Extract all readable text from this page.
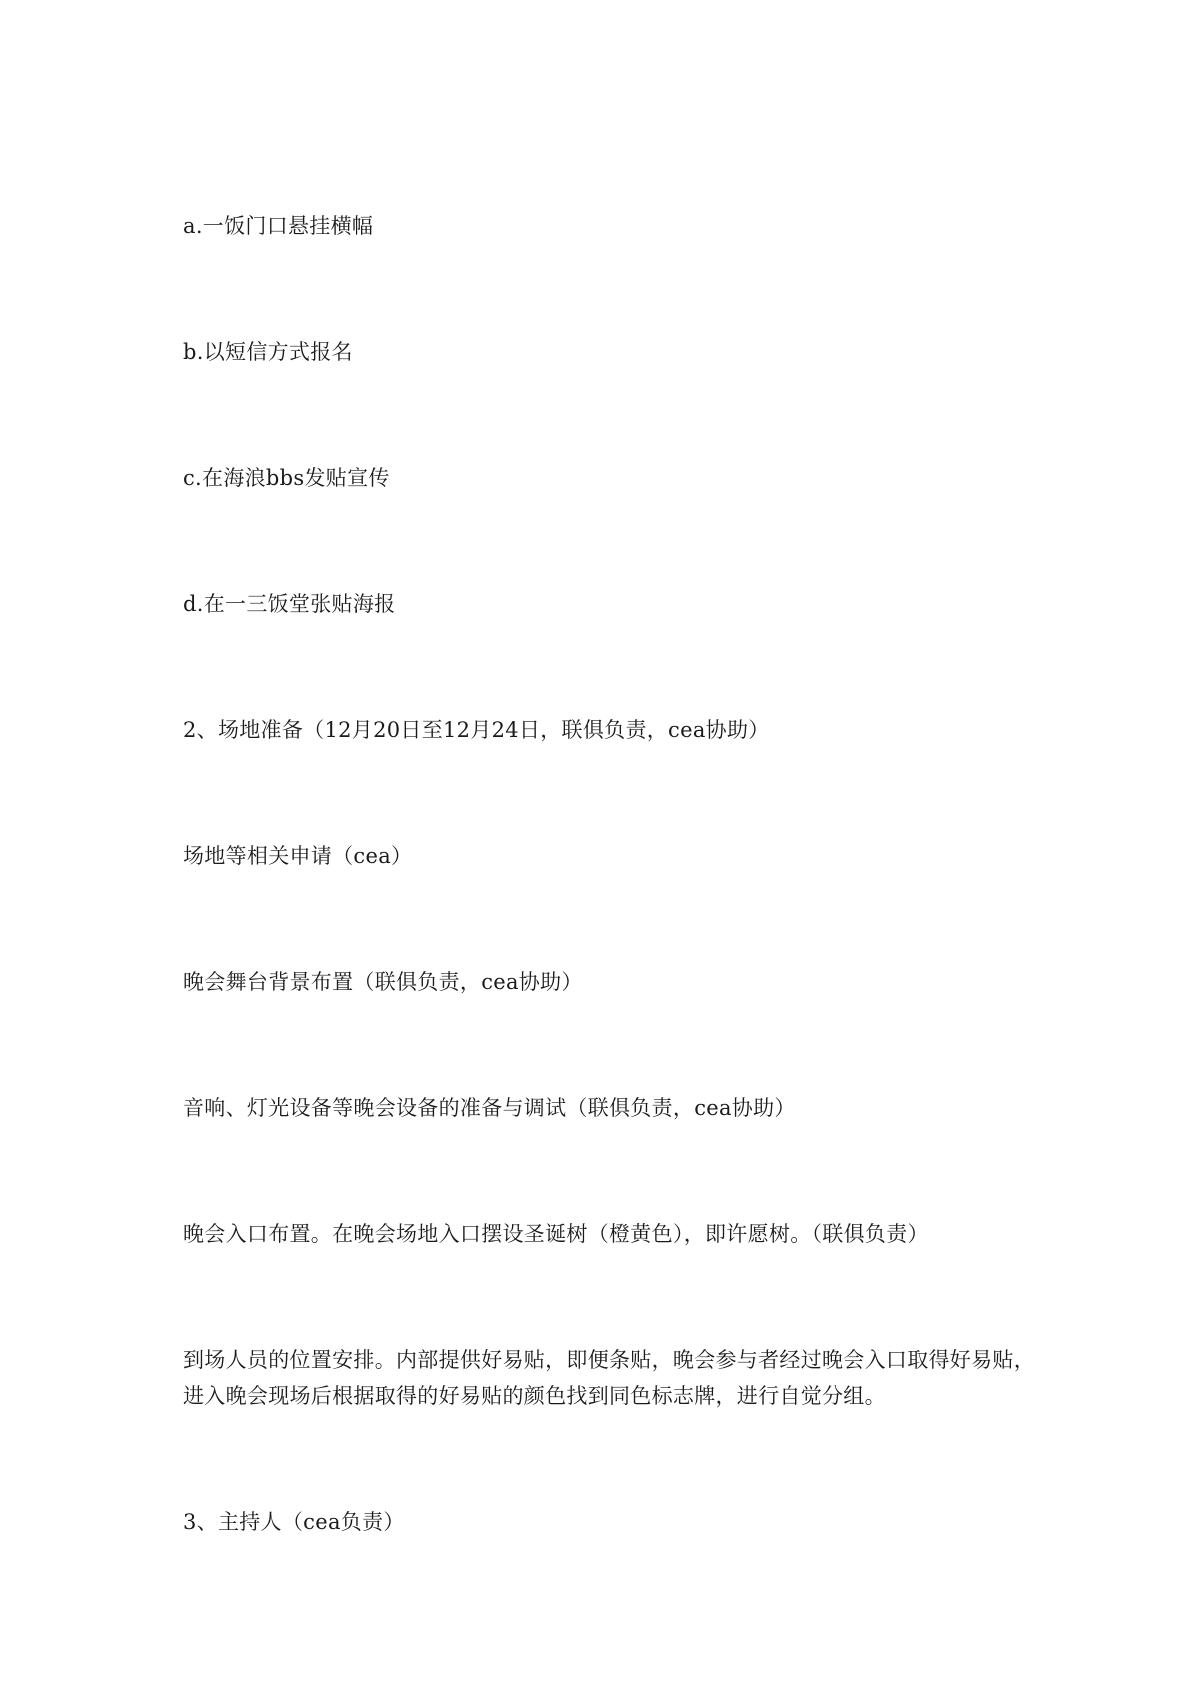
a.一饭门口悬挂横幅

b.以短信方式报名

c.在海浪bbs发贴宣传

d.在一三饭堂张贴海报

2、场地准备（12月20日至12月24日，联俱负责，cea协助）

场地等相关申请（cea）

晚会舞台背景布置（联俱负责，cea协助）

音响、灯光设备等晚会设备的准备与调试（联俱负责，cea协助）

晚会入口布置。在晚会场地入口摆设圣诞树（橙黄色），即许愿树。（联俱负责）

到场人员的位置安排。内部提供好易贴，即便条贴，晚会参与者经过晚会入口取得好易贴，进入晚会现场后根据取得的好易贴的颜色找到同色标志牌，进行自觉分组。

3、主持人（cea负责）
